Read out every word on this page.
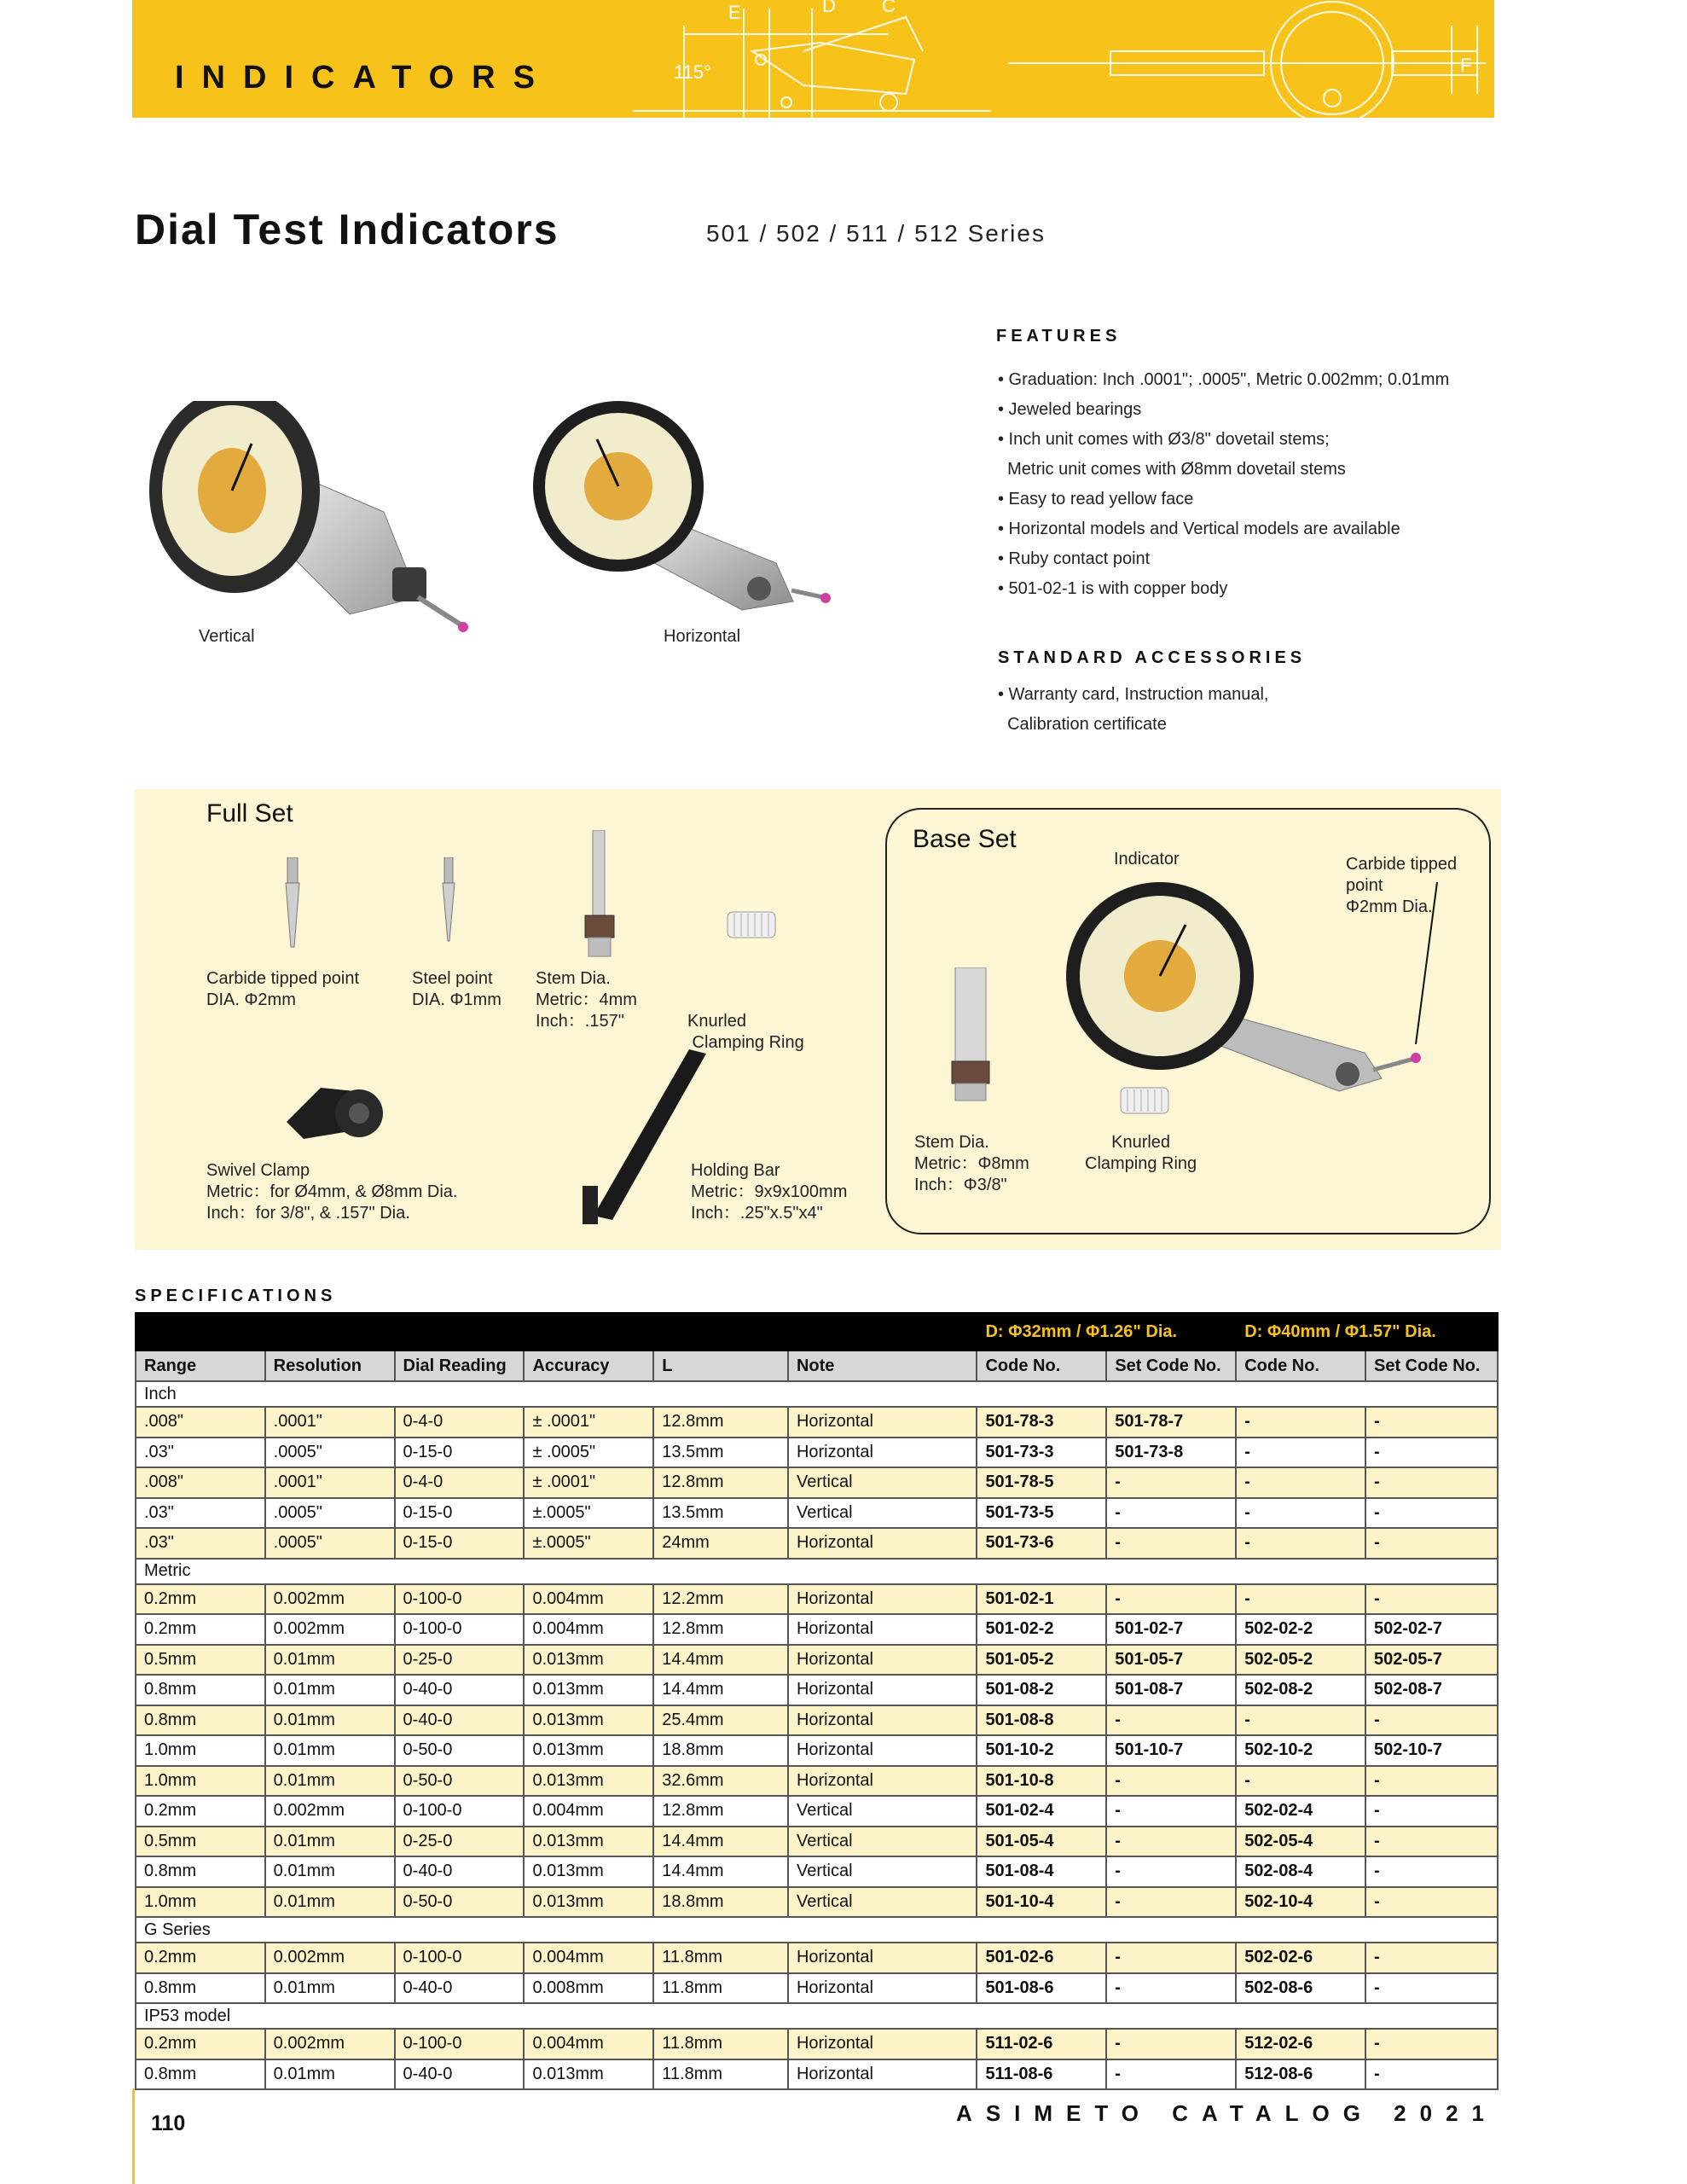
INDICATORS	115°
E	D C
F
Dial Test Indicators	501 / 502 / 511 / 512 Series
Vertical	Horizontal
FEATURES
• Graduation: Inch .0001"; .0005", Metric 0.002mm; 0.01mm
• Jeweled bearings
• Inch unit comes with Ø3/8" dovetail stems;
Metric unit comes with Ø8mm dovetail stems
• Easy to read yellow face
• Horizontal models and Vertical models are available
• Ruby contact point
• 501-02-1 is with copper body
STANDARD ACCESSORIES
• Warranty card, Instruction manual,
Calibration certificate
Full Set
Carbide tipped point
DIA. Φ2mm
Steel point
DIA. Φ1mm
Stem Dia.
Metric：4mm
Inch：.157"

	Knurled
Clamping Ring

Swivel Clamp
Metric：for Ø4mm, & Ø8mm Dia.
Inch：for 3/8", & .157" Dia.
Holding Bar
Metric：9x9x100mm
Inch：.25"x.5"x4"
Base Set
Indicator	Carbide tipped
point
Φ2mm Dia.
Stem Dia.
Metric：Φ8mm
Inch：Φ3/8"
Knurled
Clamping Ring
SPECIFICATIONS
						D: Φ32mm / Φ1.26" Dia.		D: Φ40mm / Φ1.57" Dia.	
Range	Resolution	Dial Reading	Accuracy	L	Note	Code No.	Set Code No.	Code No.	Set Code No.
Inch									
.008"	.0001"	0-4-0	± .0001"	12.8mm	Horizontal	501-78-3	501-78-7	-	-
.03"	.0005"	0-15-0	± .0005"	13.5mm	Horizontal	501-73-3	501-73-8	-	-
.008"	.0001"	0-4-0	± .0001"	12.8mm	Vertical	501-78-5	-	-	-
.03"	.0005"	0-15-0	±.0005"	13.5mm	Vertical	501-73-5	-	-	-
.03"	.0005"	0-15-0	±.0005"	24mm	Horizontal	501-73-6	-	-	-
Metric									
0.2mm	0.002mm	0-100-0	0.004mm	12.2mm	Horizontal	501-02-1	-	-	-
0.2mm	0.002mm	0-100-0	0.004mm	12.8mm	Horizontal	501-02-2	501-02-7	502-02-2	502-02-7
0.5mm	0.01mm	0-25-0	0.013mm	14.4mm	Horizontal	501-05-2	501-05-7	502-05-2	502-05-7
0.8mm	0.01mm	0-40-0	0.013mm	14.4mm	Horizontal	501-08-2	501-08-7	502-08-2	502-08-7
0.8mm	0.01mm	0-40-0	0.013mm	25.4mm	Horizontal	501-08-8	-	-	-
1.0mm	0.01mm	0-50-0	0.013mm	18.8mm	Horizontal	501-10-2	501-10-7	502-10-2	502-10-7
1.0mm	0.01mm	0-50-0	0.013mm	32.6mm	Horizontal	501-10-8	-	-	-
0.2mm	0.002mm	0-100-0	0.004mm	12.8mm	Vertical	501-02-4	-	502-02-4	-
0.5mm	0.01mm	0-25-0	0.013mm	14.4mm	Vertical	501-05-4	-	502-05-4	-
0.8mm	0.01mm	0-40-0	0.013mm	14.4mm	Vertical	501-08-4	-	502-08-4	-
1.0mm	0.01mm	0-50-0	0.013mm	18.8mm	Vertical	501-10-4	-	502-10-4	-
G Series									
0.2mm	0.002mm	0-100-0	0.004mm	11.8mm	Horizontal	501-02-6	-	502-02-6	-
0.8mm	0.01mm	0-40-0	0.008mm	11.8mm	Horizontal	501-08-6	-	502-08-6	-
IP53 model									
0.2mm	0.002mm	0-100-0	0.004mm	11.8mm	Horizontal	511-02-6	-	512-02-6	-
0.8mm	0.01mm	0-40-0	0.013mm	11.8mm	Horizontal	511-08-6	-	512-08-6	-
110	ASIMETO CATALOG 2021
